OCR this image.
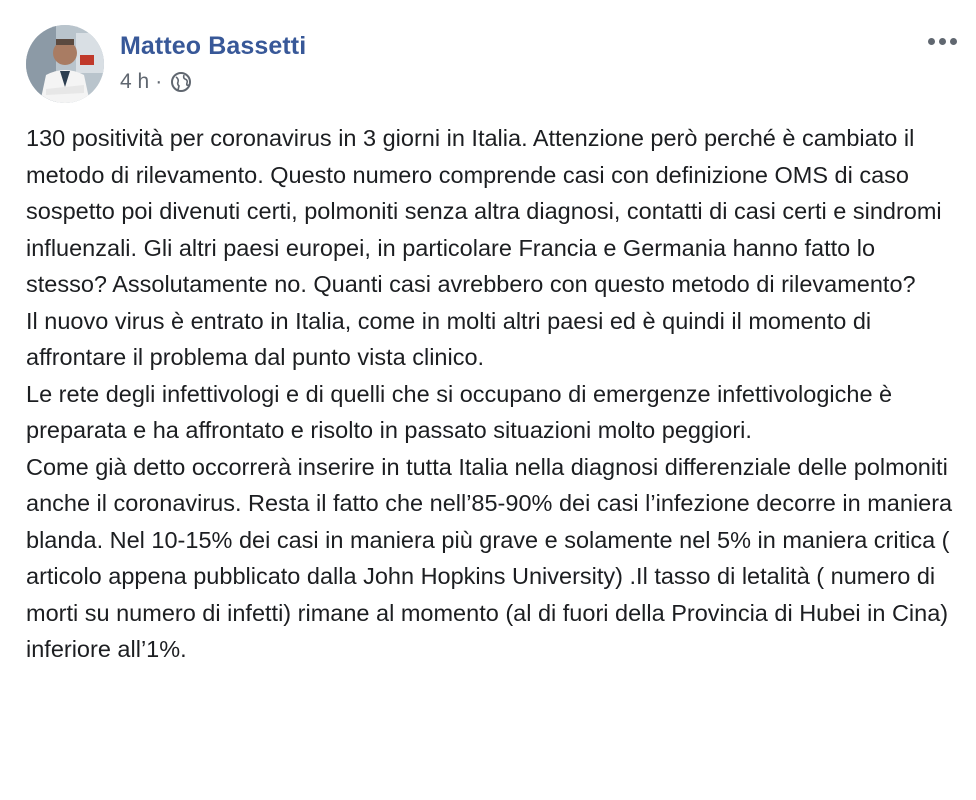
Matteo Bassetti
4 h ·

130 positività per coronavirus in 3 giorni in Italia. Attenzione però perché è cambiato il metodo di rilevamento. Questo numero comprende casi con definizione OMS di caso sospetto poi divenuti certi, polmoniti senza altra diagnosi, contatti di casi certi e sindromi influenzali. Gli altri paesi europei, in particolare Francia e Germania hanno fatto lo stesso? Assolutamente no. Quanti casi avrebbero con questo metodo di rilevamento?

Il nuovo virus è entrato in Italia, come in molti altri paesi ed è quindi il momento di affrontare il problema dal punto vista clinico.

Le rete degli infettivologi e di quelli che si occupano di emergenze infettivologiche è preparata e ha affrontato e risolto in passato situazioni molto peggiori.

Come già detto occorrerà inserire in tutta Italia nella diagnosi differenziale delle polmoniti anche il coronavirus. Resta il fatto che nell’85-90% dei casi l’infezione decorre in maniera blanda. Nel 10-15% dei casi in maniera più grave e solamente nel 5% in maniera critica ( articolo appena pubblicato dalla John Hopkins University) .Il tasso di letalità ( numero di morti su numero di infetti) rimane al momento (al di fuori della Provincia di Hubei in Cina) inferiore all’1%.
